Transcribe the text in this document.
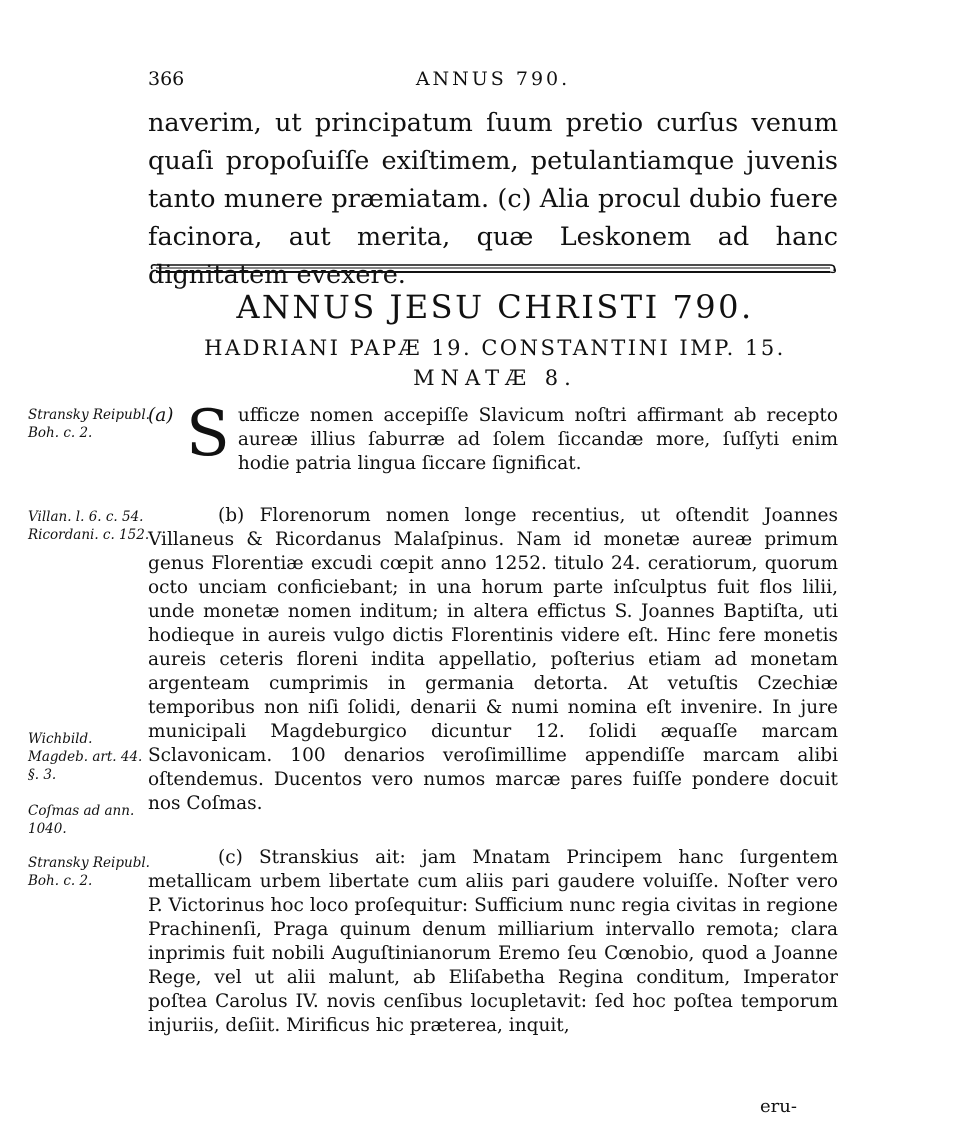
366	ANNUS 790.

naverim, ut principatum ſuum pretio curſus venum quaſi propoſuiſſe exiſtimem, petulantiamque juvenis tanto munere præmiatam. (c) Alia procul dubio fuere facinora, aut merita, quæ Leskonem ad hanc dignitatem evexere.

ANNUS JESU CHRISTI 790.
HADRIANI PAPÆ 19. CONSTANTINI IMP. 15.
MNATÆ 8.

Stransky Reipubl. Boh. c. 2.

Villan. l. 6. c. 54. Ricordani. c. 152.

Wichbild. Magdeb. art. 44. §. 3.

Coſmas ad ann. 1040.

Stransky Reipubl. Boh. c. 2.

(a) S ufficze nomen accepiſſe Slavicum noſtri affirmant ab recepto aureæ illius ſaburræ ad ſolem ſiccandæ more, ſuſſyti enim hodie patria lingua ſiccare ſignificat.

(b) Florenorum nomen longe recentius, ut oſtendit Joannes Villaneus & Ricordanus Malaſpinus. Nam id monetæ aureæ primum genus Florentiæ excudi cœpit anno 1252. titulo 24. ceratiorum, quorum octo unciam conficiebant; in una horum parte inſculptus fuit flos lilii, unde monetæ nomen inditum; in altera effictus S. Joannes Baptiſta, uti hodieque in aureis vulgo dictis Florentinis videre eſt. Hinc fere monetis aureis ceteris floreni indita appellatio, poſterius etiam ad monetam argenteam cumprimis in germania detorta. At vetuſtis Czechiæ temporibus non niſi ſolidi, denarii & numi nomina eſt invenire. In jure municipali Magdeburgico dicuntur 12. ſolidi æquaſſe marcam Sclavonicam. 100 denarios veroſimillime appendiſſe marcam alibi oſtendemus. Ducentos vero numos marcæ pares fuiſſe pondere docuit nos Coſmas.

(c) Stranskius ait: jam Mnatam Principem hanc ſurgentem metallicam urbem libertate cum aliis pari gaudere voluiſſe. Noſter vero P. Victorinus hoc loco proſequitur: Sufficium nunc regia civitas in regione Prachinenſi, Praga quinum denum milliarium intervallo remota; clara inprimis fuit nobili Auguſtinianorum Eremo ſeu Cœnobio, quod a Joanne Rege, vel ut alii malunt, ab Eliſabetha Regina conditum, Imperator poſtea Carolus IV. novis cenſibus locupletavit: ſed hoc poſtea temporum injuriis, deſiit. Mirificus hic præterea, inquit,

eru-
